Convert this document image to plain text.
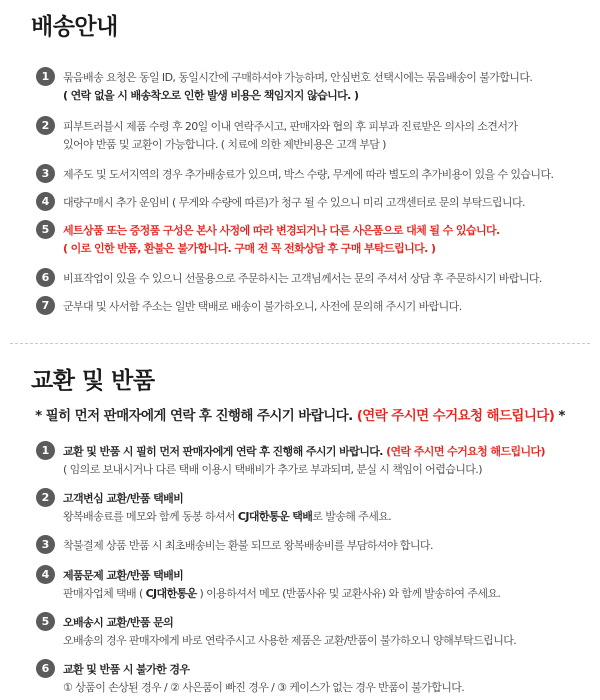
배송안내
1	묶음배송 요청은 동일 ID, 동일시간에 구매하셔야 가능하며, 안심번호 선택시에는 묶음배송이 불가합니다.
( 연락 없을 시 배송착오로 인한 발생 비용은 책임지지 않습니다. )
2	피부트러블시 제품 수령 후 20일 이내 연락주시고, 판매자와 협의 후 피부과 진료받은 의사의 소견서가
있어야 반품 및 교환이 가능합니다. ( 치료에 의한 제반비용은 고객 부담 )
3	제주도 및 도서지역의 경우 추가배송료가 있으며, 박스 수량, 무게에 따라 별도의 추가비용이 있을 수 있습니다.
4	대량구매시 추가 운임비 ( 무게와 수량에 따른)가 청구 될 수 있으니 미리 고객센터로 문의 부탁드립니다.
5	세트상품 또는 증정품 구성은 본사 사정에 따라 변경되거나 다른 사은품으로 대체 될 수 있습니다.
( 이로 인한 반품, 환불은 불가합니다. 구매 전 꼭 전화상담 후 구매 부탁드립니다. )
6	비표작업이 있을 수 있으니 선물용으로 주문하시는 고객님께서는 문의 주셔서 상담 후 주문하시기 바랍니다.
7	군부대 및 사서함 주소는 일반 택배로 배송이 불가하오니, 사전에 문의해 주시기 바랍니다.
교환 및 반품
* 필히 먼저 판매자에게 연락 후 진행해 주시기 바랍니다. (연락 주시면 수거요청 해드립니다) *
1	교환 및 반품 시 필히 먼저 판매자에게 연락 후 진행해 주시기 바랍니다. (연락 주시면 수거요청 해드립니다)
( 임의로 보내시거나 다른 택배 이용시 택배비가 추가로 부과되며, 분실 시 책임이 어렵습니다.)
2	고객변심 교환/반품 택배비
왕복배송료를 메모와 함께 동봉 하셔서 CJ대한통운 택배로 발송해 주세요.
3	착불결제 상품 반품 시 최초배송비는 환불 되므로 왕복배송비를 부담하셔야 합니다.
4	제품문제 교환/반품 택배비
판매자업체 택배 ( CJ대한통운 ) 이용하셔서 메모 (반품사유 및 교환사유) 와 함께 발송하여 주세요.
5	오배송시 교환/반품 문의
오배송의 경우 판매자에게 바로 연락주시고 사용한 제품은 교환/반품이 불가하오니 양해부탁드립니다.
6	교환 및 반품 시 불가한 경우
① 상품이 손상된 경우 / ② 사은품이 빠진 경우 / ③ 케이스가 없는 경우 반품이 불가합니다.
